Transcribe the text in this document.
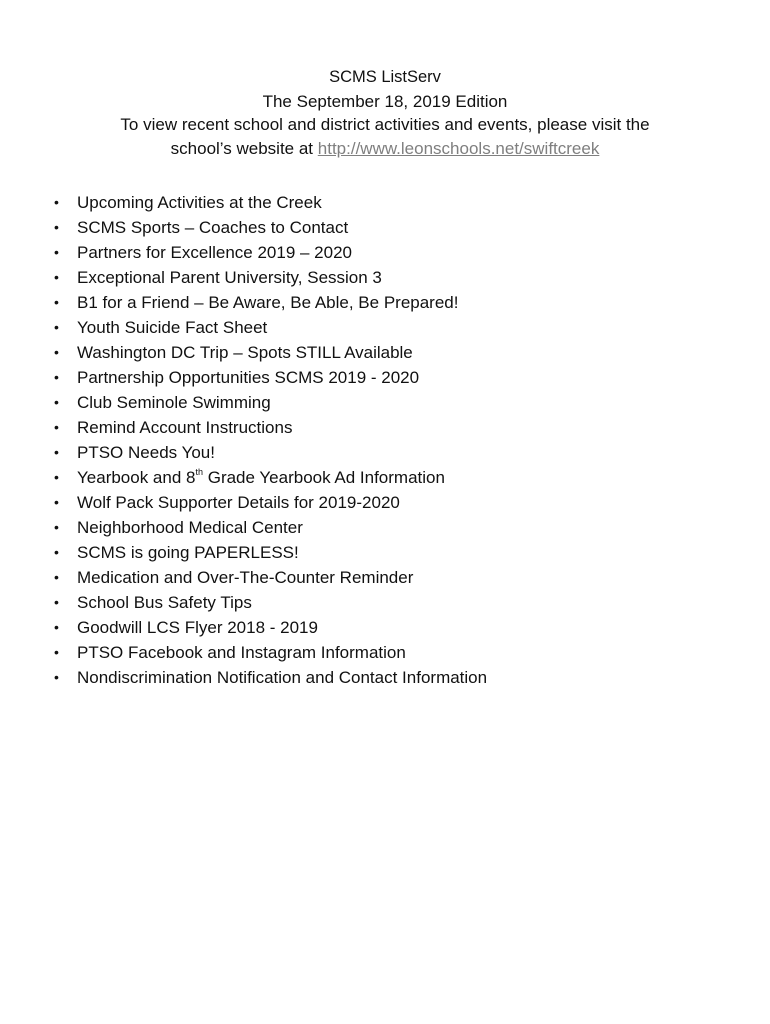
SCMS ListServ
The September 18, 2019 Edition
To view recent school and district activities and events, please visit the
school’s website at http://www.leonschools.net/swiftcreek
• Upcoming Activities at the Creek
• SCMS Sports – Coaches to Contact
• Partners for Excellence 2019 – 2020
• Exceptional Parent University, Session 3
• B1 for a Friend – Be Aware, Be Able, Be Prepared!
• Youth Suicide Fact Sheet
• Washington DC Trip – Spots STILL Available
• Partnership Opportunities SCMS 2019 - 2020
• Club Seminole Swimming
• Remind Account Instructions
• PTSO Needs You!
• Yearbook and 8th Grade Yearbook Ad Information
• Wolf Pack Supporter Details for 2019-2020
• Neighborhood Medical Center
• SCMS is going PAPERLESS!
• Medication and Over-The-Counter Reminder
• School Bus Safety Tips
• Goodwill LCS Flyer 2018 - 2019
• PTSO Facebook and Instagram Information
• Nondiscrimination Notification and Contact Information
